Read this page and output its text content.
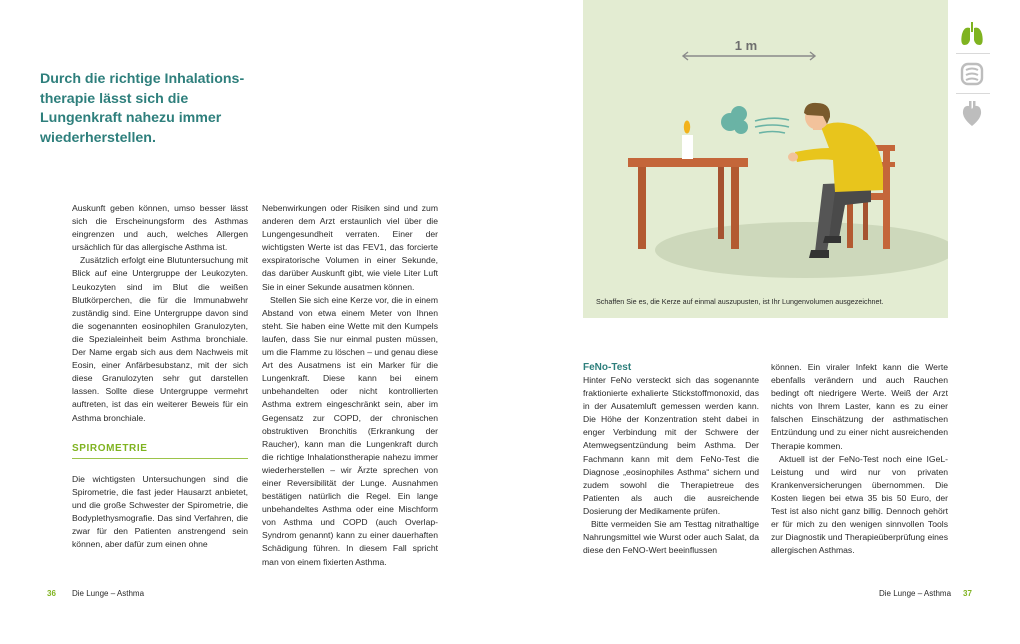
Durch die richtige Inhalationstherapie lässt sich die Lungenkraft nahezu immer wiederherstellen.

Auskunft geben können, umso besser lässt sich die Erscheinungsform des Asthmas eingrenzen und auch, welches Allergen ursächlich für das allergische Asthma ist.

Zusätzlich erfolgt eine Blutuntersuchung mit Blick auf eine Untergruppe der Leukozyten. Leukozyten sind im Blut die weißen Blutkörperchen, die für die Immunabwehr zuständig sind. Eine Untergruppe davon sind die sogenannten eosinophilen Granulozyten, die Spezialeinheit beim Asthma bronchiale. Der Name ergab sich aus dem Nachweis mit Eosin, einer Anfärbesubstanz, mit der sich diese Granulozyten sehr gut darstellen lassen. Sollte diese Untergruppe vermehrt auftreten, ist das ein weiterer Beweis für ein Asthma bronchiale.

SPIROMETRIE

Die wichtigsten Untersuchungen sind die Spirometrie, die fast jeder Hausarzt anbietet, und die große Schwester der Spirometrie, die Bodyplethysmografie. Das sind Verfahren, die zwar für den Patienten anstrengend sein können, aber dafür zum einen ohne

Nebenwirkungen oder Risiken sind und zum anderen dem Arzt erstaunlich viel über die Lungengesundheit verraten. Einer der wichtigsten Werte ist das FEV1, das forcierte exspiratorische Volumen in einer Sekunde, das darüber Auskunft gibt, wie viele Liter Luft Sie in einer Sekunde ausatmen können.

Stellen Sie sich eine Kerze vor, die in einem Abstand von etwa einem Meter von Ihnen steht. Sie haben eine Wette mit den Kumpels laufen, dass Sie nur einmal pusten müssen, um die Flamme zu löschen – und genau diese Art des Ausatmens ist ein Marker für die Lungenkraft. Diese kann bei einem unbehandelten oder nicht kontrollierten Asthma extrem eingeschränkt sein, aber im Gegensatz zur COPD, der chronischen obstruktiven Bronchitis (Erkrankung der Raucher), kann man die Lungenkraft durch die richtige Inhalationstherapie nahezu immer wiederherstellen – wir Ärzte sprechen von einer Reversibilität der Lunge. Ausnahmen bestätigen natürlich die Regel. Ein lange unbehandeltes Asthma oder eine Mischform von Asthma und COPD (auch Overlap-Syndrom genannt) kann zu einer dauerhaften Schädigung führen. In diesem Fall spricht man von einem fixierten Asthma.

1 m
Schaffen Sie es, die Kerze auf einmal auszupusten, ist Ihr Lungenvolumen ausgezeichnet.
FeNo-Test

Hinter FeNo versteckt sich das sogenannte fraktionierte exhalierte Stickstoffmonoxid, das in der Ausatemluft gemessen werden kann. Die Höhe der Konzentration steht dabei in enger Verbindung mit der Schwere der Atemwegsentzündung beim Asthma. Der Fachmann kann mit dem FeNo-Test die Diagnose „eosinophiles Asthma“ sichern und zudem sowohl die Therapietreue des Patienten als auch die ausreichende Dosierung der Medikamente prüfen.

Bitte vermeiden Sie am Testtag nitrathaltige Nahrungsmittel wie Wurst oder auch Salat, da diese den FeNO-Wert beeinflussen

können. Ein viraler Infekt kann die Werte ebenfalls verändern und auch Rauchen bedingt oft niedrigere Werte. Weiß der Arzt nichts von Ihrem Laster, kann es zu einer falschen Einschätzung der asthmatischen Entzündung und zu einer nicht ausreichenden Therapie kommen.

Aktuell ist der FeNo-Test noch eine IGeL-Leistung und wird nur von privaten Krankenversicherungen übernommen. Die Kosten liegen bei etwa 35 bis 50 Euro, der Test ist also nicht ganz billig. Dennoch gehört er für mich zu den wenigen sinnvollen Tools zur Diagnostik und Therapieüberprüfung eines allergischen Asthmas.

36 Die Lunge – Asthma	Die Lunge – Asthma 37
